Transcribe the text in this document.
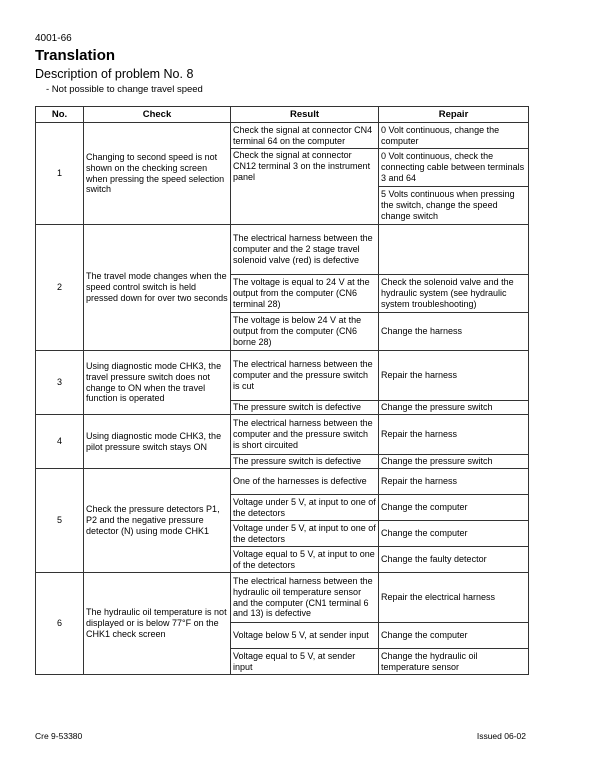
4001-66
Translation
Description of problem No. 8
- Not possible to change travel speed
No.	Check	Result	Repair
1	Changing to second speed is not shown on the checking screen when pressing the speed selection switch	Check the signal at connector CN4 terminal 64 on the computer	0 Volt continuous, change the computer
		Check the signal at connector CN12 terminal 3 on the instrument panel	0 Volt continuous, check the connecting cable between terminals 3 and 64
			5 Volts continuous when pressing the switch, change the speed change switch
2	The travel mode changes when the speed control switch is held pressed down for over two seconds	The electrical harness between the computer and the 2 stage travel solenoid valve (red) is defective	
		The voltage is equal to 24 V at the output from the computer (CN6 terminal 28)	Check the solenoid valve and the hydraulic system (see hydraulic system troubleshooting)
		The voltage is below 24 V at the output from the computer (CN6 borne 28)	Change the harness
3	Using diagnostic mode CHK3, the travel pressure switch does not change to ON when the travel function is operated	The electrical harness between the computer and the pressure switch is cut	Repair the harness
		The pressure switch is defective	Change the pressure switch
4	Using diagnostic mode CHK3, the pilot pressure switch stays ON	The electrical harness between the computer and the pressure switch is short circuited	Repair the harness
		The pressure switch is defective	Change the pressure switch
5	Check the pressure detectors P1, P2 and the negative pressure detector (N) using mode CHK1	One of the harnesses is defective	Repair the harness
		Voltage under 5 V, at input to one of the detectors	Change the computer
		Voltage under 5 V, at input to one of the detectors	Change the computer
		Voltage equal to 5 V, at input to one of the detectors	Change the faulty detector
6	The hydraulic oil temperature is not displayed or is below 77°F on the CHK1 check screen	The electrical harness between the hydraulic oil temperature sensor and the computer (CN1 terminal 6 and 13) is defective	Repair the electrical harness
		Voltage below 5 V, at sender input	Change the computer
		Voltage equal to 5 V, at sender input	Change the hydraulic oil temperature sensor
Cre 9-53380	Issued 06-02
